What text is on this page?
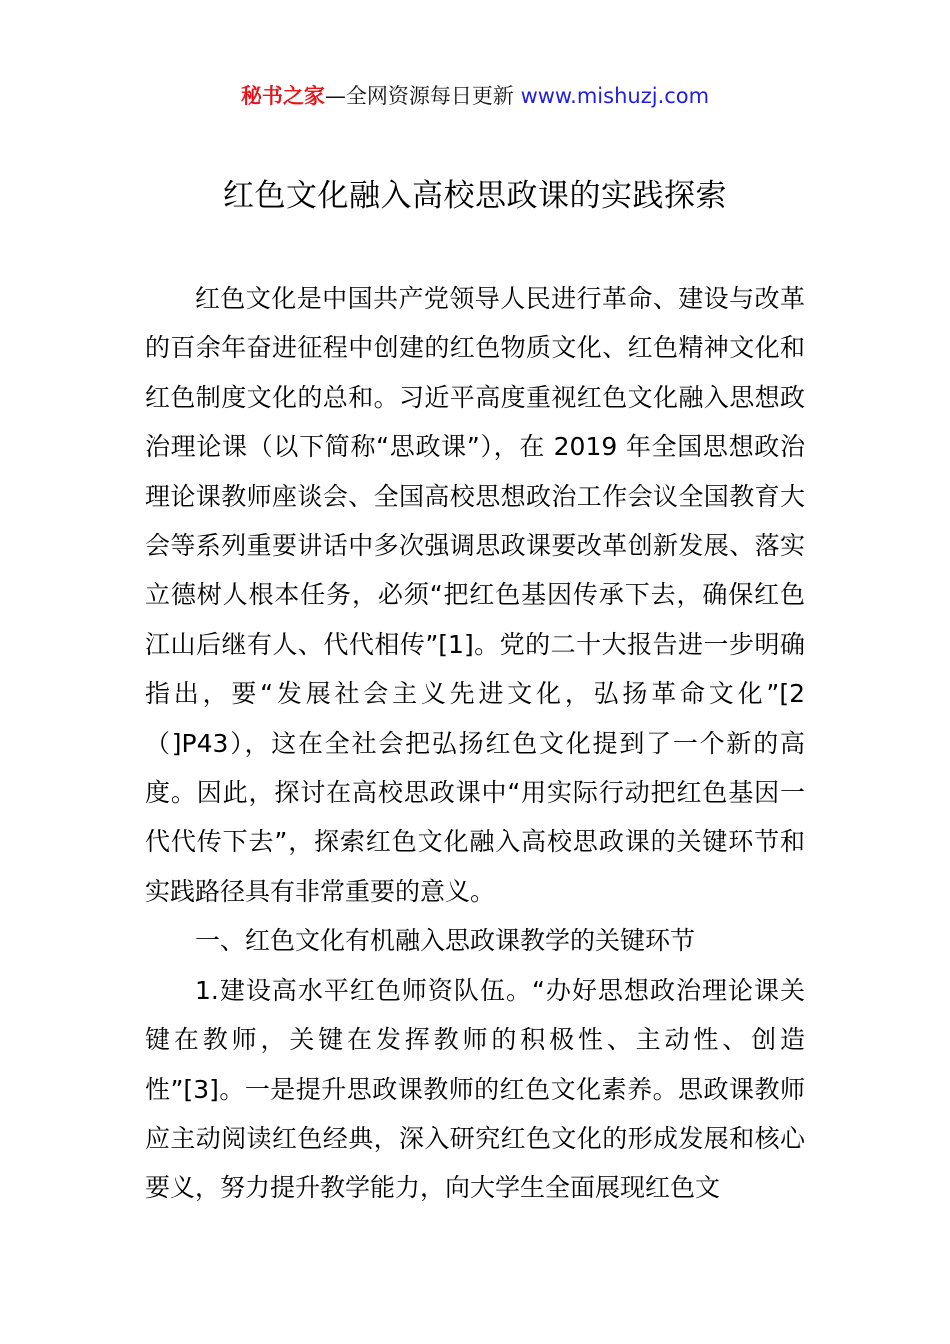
秘书之家—全网资源每日更新 www.mishuzj.com
红色文化融入高校思政课的实践探索

红色文化是中国共产党领导人民进行革命、建设与改革的百余年奋进征程中创建的红色物质文化、红色精神文化和红色制度文化的总和。习近平高度重视红色文化融入思想政治理论课（以下简称“思政课”），在 2019 年全国思想政治理论课教师座谈会、全国高校思想政治工作会议全国教育大会等系列重要讲话中多次强调思政课要改革创新发展、落实立德树人根本任务，必须“把红色基因传承下去，确保红色江山后继有人、代代相传”[1]。党的二十大报告进一步明确指出，要“发展社会主义先进文化，弘扬革命文化”[2（]P43），这在全社会把弘扬红色文化提到了一个新的高度。因此，探讨在高校思政课中“用实际行动把红色基因一代代传下去”，探索红色文化融入高校思政课的关键环节和实践路径具有非常重要的意义。

一、红色文化有机融入思政课教学的关键环节

1.建设高水平红色师资队伍。“办好思想政治理论课关键在教师，关键在发挥教师的积极性、主动性、创造性”[3]。一是提升思政课教师的红色文化素养。思政课教师应主动阅读红色经典，深入研究红色文化的形成发展和核心要义，努力提升教学能力，向大学生全面展现红色文
